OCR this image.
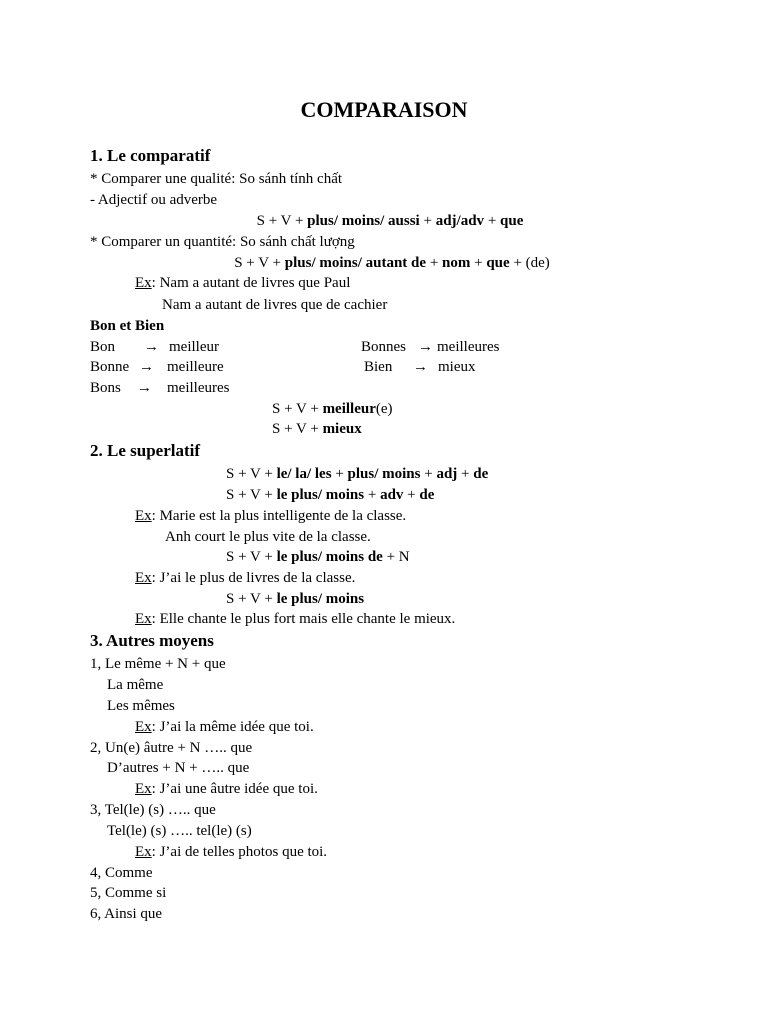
COMPARAISON
1. Le comparatif
* Comparer une qualité: So sánh tính chất
- Adjectif ou adverbe
S + V + plus/ moins/ aussi + adj/adv + que
* Comparer un quantité: So sánh chất lượng
S + V + plus/ moins/ autant de + nom + que + (de)
Ex: Nam a autant de livres que Paul
Nam a autant de livres que de cachier
Bon et Bien
Bon → meilleur
Bonne → meilleure
Bons → meilleures
Bonnes → meilleures
Bien → mieux
S + V + meilleur(e)
S + V + mieux
2. Le superlatif
S + V + le/ la/ les + plus/ moins + adj + de
S + V + le plus/ moins + adv + de
Ex: Marie est la plus intelligente de la classe.
Anh court le plus vite de la classe.
S + V + le plus/ moins de + N
Ex: J’ai le plus de livres de la classe.
S + V + le plus/ moins
Ex: Elle chante le plus fort mais elle chante le mieux.
3. Autres moyens
1, Le même + N + que
La même
Les mêmes
Ex: J’ai la même idée que toi.
2, Un(e) âutre + N ….. que
D’autres + N + ….. que
Ex: J’ai une âutre idée que toi.
3, Tel(le) (s) ….. que
Tel(le) (s) ….. tel(le) (s)
Ex: J’ai de telles photos que toi.
4, Comme
5, Comme si
6, Ainsi que
